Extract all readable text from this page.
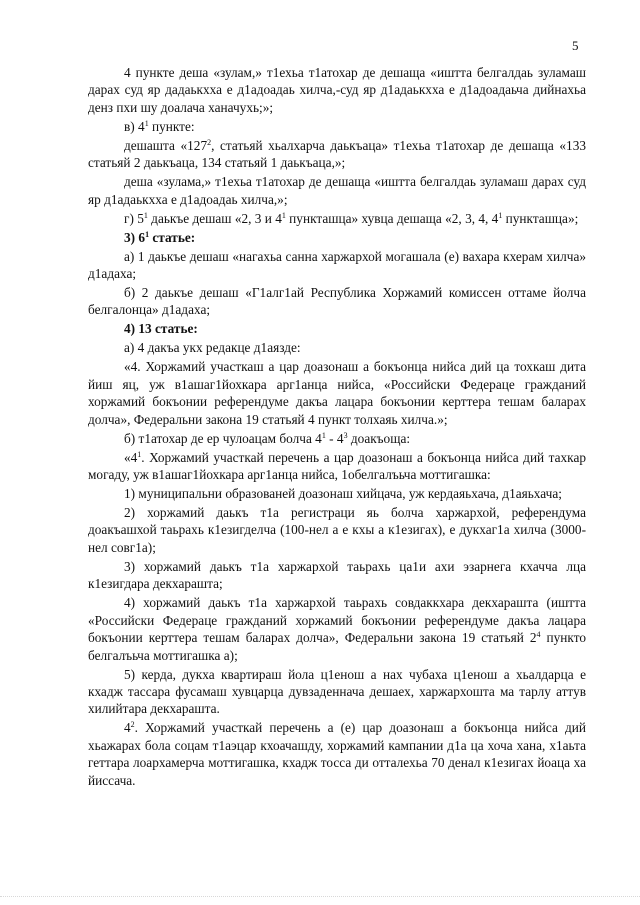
5

4 пункте деша «зулам,» т1ехьа т1атохар де дешаща «иштта белгалдаь зуламаш дарах суд яр дадаькхха е д1адоадаь хилча,-суд яр д1адаькхха е д1адоадаьча дийнахьа денз пхи шу доалача ханачухь;»;

в) $4^1$ пункте:

дешашта «$127^2$, статьяй хьалхарча даькъаца» т1ехьа т1атохар де дешаща «133 статьяй 2 даькъаца, 134 статьяй 1 даькъаца,»;

деша «зулама,» т1ехьа т1атохар де дешаща «иштта белгалдаь зуламаш дарах суд яр д1адаькхха е д1адоадаь хилча,»;

г) $5^1$ даькъе дешаш «2, 3 и $4^1$ пункташца» хувца дешаща «2, 3, 4, $4^1$ пункташца»;

3) $6^1$ статье:

а) 1 даькъе дешаш «нагахьа санна харжархой могашала (е) вахара кхерам хилча» д1адаха;

б) 2 даькъе дешаш «Г1алг1ай Республика Хоржамий комиссен оттаме йолча белгалонца» д1адаха;

4) 13 статье:

а) 4 дакъа укх редакце д1аязде:

«4. Хоржамий участкаш а цар доазонаш а бокъонца нийса дий ца тохкаш дита йиш яц, уж в1ашаг1йохкара арг1анца нийса, «Российски Федераце гражданий хоржамий бокъонии референдуме дакъа лацара бокъонии керттера тешам баларах долча», Федеральни закона 19 статьяй 4 пункт толхаяь хилча.»;

б) т1атохар де ер чулоацам болча $4^1 - 4^3$ доакъоща:

«$4^1$. Хоржамий участкай перечень а цар доазонаш а бокъонца нийса дий тахкар могаду, уж в1ашаг1йохкара арг1анца нийса, 1обелгалъьча моттигашка:

1) муниципальни образованей доазонаш хийцача, уж кердаяьхача, д1аяьхача;

2) хоржамий даькъ т1а регистраци яь болча харжархой, референдума доакъашхой таьрахь к1езигделча (100-нел а е кхы а к1езигах), е дукхаг1а хилча (3000-нел совг1а);

3) хоржамий даькъ т1а харжархой таьрахь ца1и ахи эзарнега кхачча лца к1езигдара декхарашта;

4) хоржамий даькъ т1а харжархой таьрахь совдаккхара декхарашта (иштта «Российски Федераце гражданий хоржамий бокъонии референдуме дакъа лацара бокъонии керттера тешам баларах долча», Федеральни закона 19 статьяй $2^4$ пункто белгалъьча моттигашка а);

5) керда, дукха квартираш йола ц1енош а нах чубаха ц1енош а хьалдарца е кхадж тассара фусамаш хувцарца дувзаденнача дешаех, харжархошта ма тарлу аттув хилийтара декхарашта.

$4^2$. Хоржамий участкай перечень а (е) цар доазонаш а бокъонца нийса дий хьажарах бола соцам т1аэцар кхоачашду, хоржамий кампании д1а ца хоча хана, х1аьта геттара лоархамерча моттигашка, кхадж тосса ди отталехьа 70 денал к1езигах йоаца ха йиссача.
